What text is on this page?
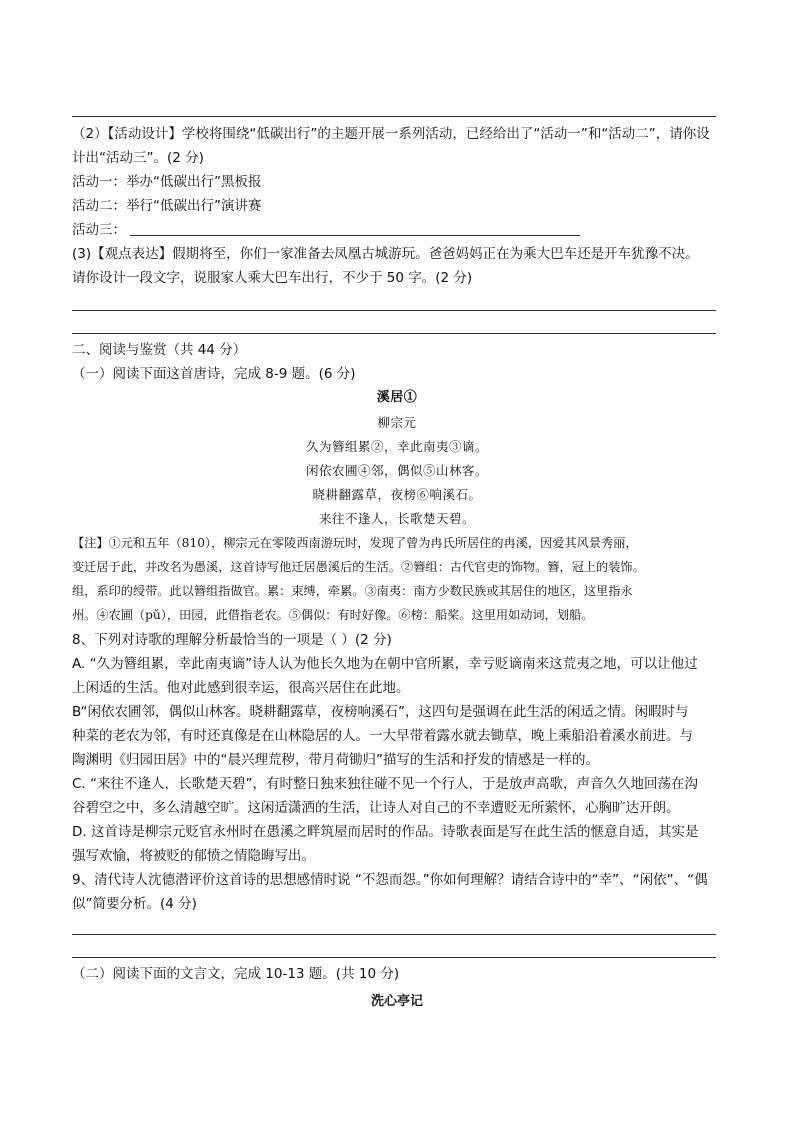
（2）【活动设计】学校将围绕“低碳出行”的主题开展一系列活动，已经给出了“活动一”和“活动二”，请你设
计出“活动三”。(2 分)
活动一：举办“低碳出行”黑板报
活动二：举行“低碳出行”演讲赛
活动三：
(3)【观点表达】假期将至，你们一家准备去凤凰古城游玩。爸爸妈妈正在为乘大巴车还是开车犹豫不决。
请你设计一段文字，说服家人乘大巴车出行，不少于 50 字。(2 分)
二、阅读与鉴赏（共 44 分）
（一）阅读下面这首唐诗，完成 8-9 题。(6 分)
溪居①
柳宗元
久为簪组累②，幸此南夷③谪。
闲依农圃④邻，偶似⑤山林客。
晓耕翻露草，夜榜⑥响溪石。
来往不逢人，长歌楚天碧。
【注】①元和五年（810），柳宗元在零陵西南游玩时，发现了曾为冉氏所居住的冉溪，因爱其风景秀丽，
变迁居于此，并改名为愚溪，这首诗写他迁居愚溪后的生活。②簪组：古代官吏的饰物。簪，冠上的装饰。
组，系印的绶带。此以簪组指做官。累：束缚，牵累。③南夷：南方少数民族或其居住的地区，这里指永
州。④农圃（pǔ），田园，此借指老农。⑤偶似：有时好像。⑥榜：船桨。这里用如动词，划船。
8、下列对诗歌的理解分析最恰当的一项是（ ）(2 分)
A. “久为簪组累，幸此南夷谪”诗人认为他长久地为在朝中官所累，幸亏贬谪南来这荒夷之地，可以让他过
上闲适的生活。他对此感到很幸运，很高兴居住在此地。
B“闲依农圃邻，偶似山林客。晓耕翻露草，夜榜响溪石”，这四句是强调在此生活的闲适之情。闲暇时与
种菜的老农为邻，有时还真像是在山林隐居的人。一大早带着露水就去锄草，晚上乘船沿着溪水前进。与
陶渊明《归园田居》中的“晨兴理荒秽，带月荷锄归”描写的生活和抒发的情感是一样的。
C. “来往不逢人，长歌楚天碧”，有时整日独来独往碰不见一个行人，于是放声高歌，声音久久地回荡在沟
谷碧空之中，多么清越空旷。这闲适潇洒的生活，让诗人对自己的不幸遭贬无所萦怀，心胸旷达开朗。
D. 这首诗是柳宗元贬官永州时在愚溪之畔筑屋而居时的作品。诗歌表面是写在此生活的惬意自适，其实是
强写欢愉，将被贬的郁愤之情隐晦写出。
9、清代诗人沈德潜评价这首诗的思想感情时说 “不怨而怨。”你如何理解？请结合诗中的“幸”、“闲依”、“偶
似”简要分析。(4 分)
（二）阅读下面的文言文，完成 10-13 题。(共 10 分)
洗心亭记
